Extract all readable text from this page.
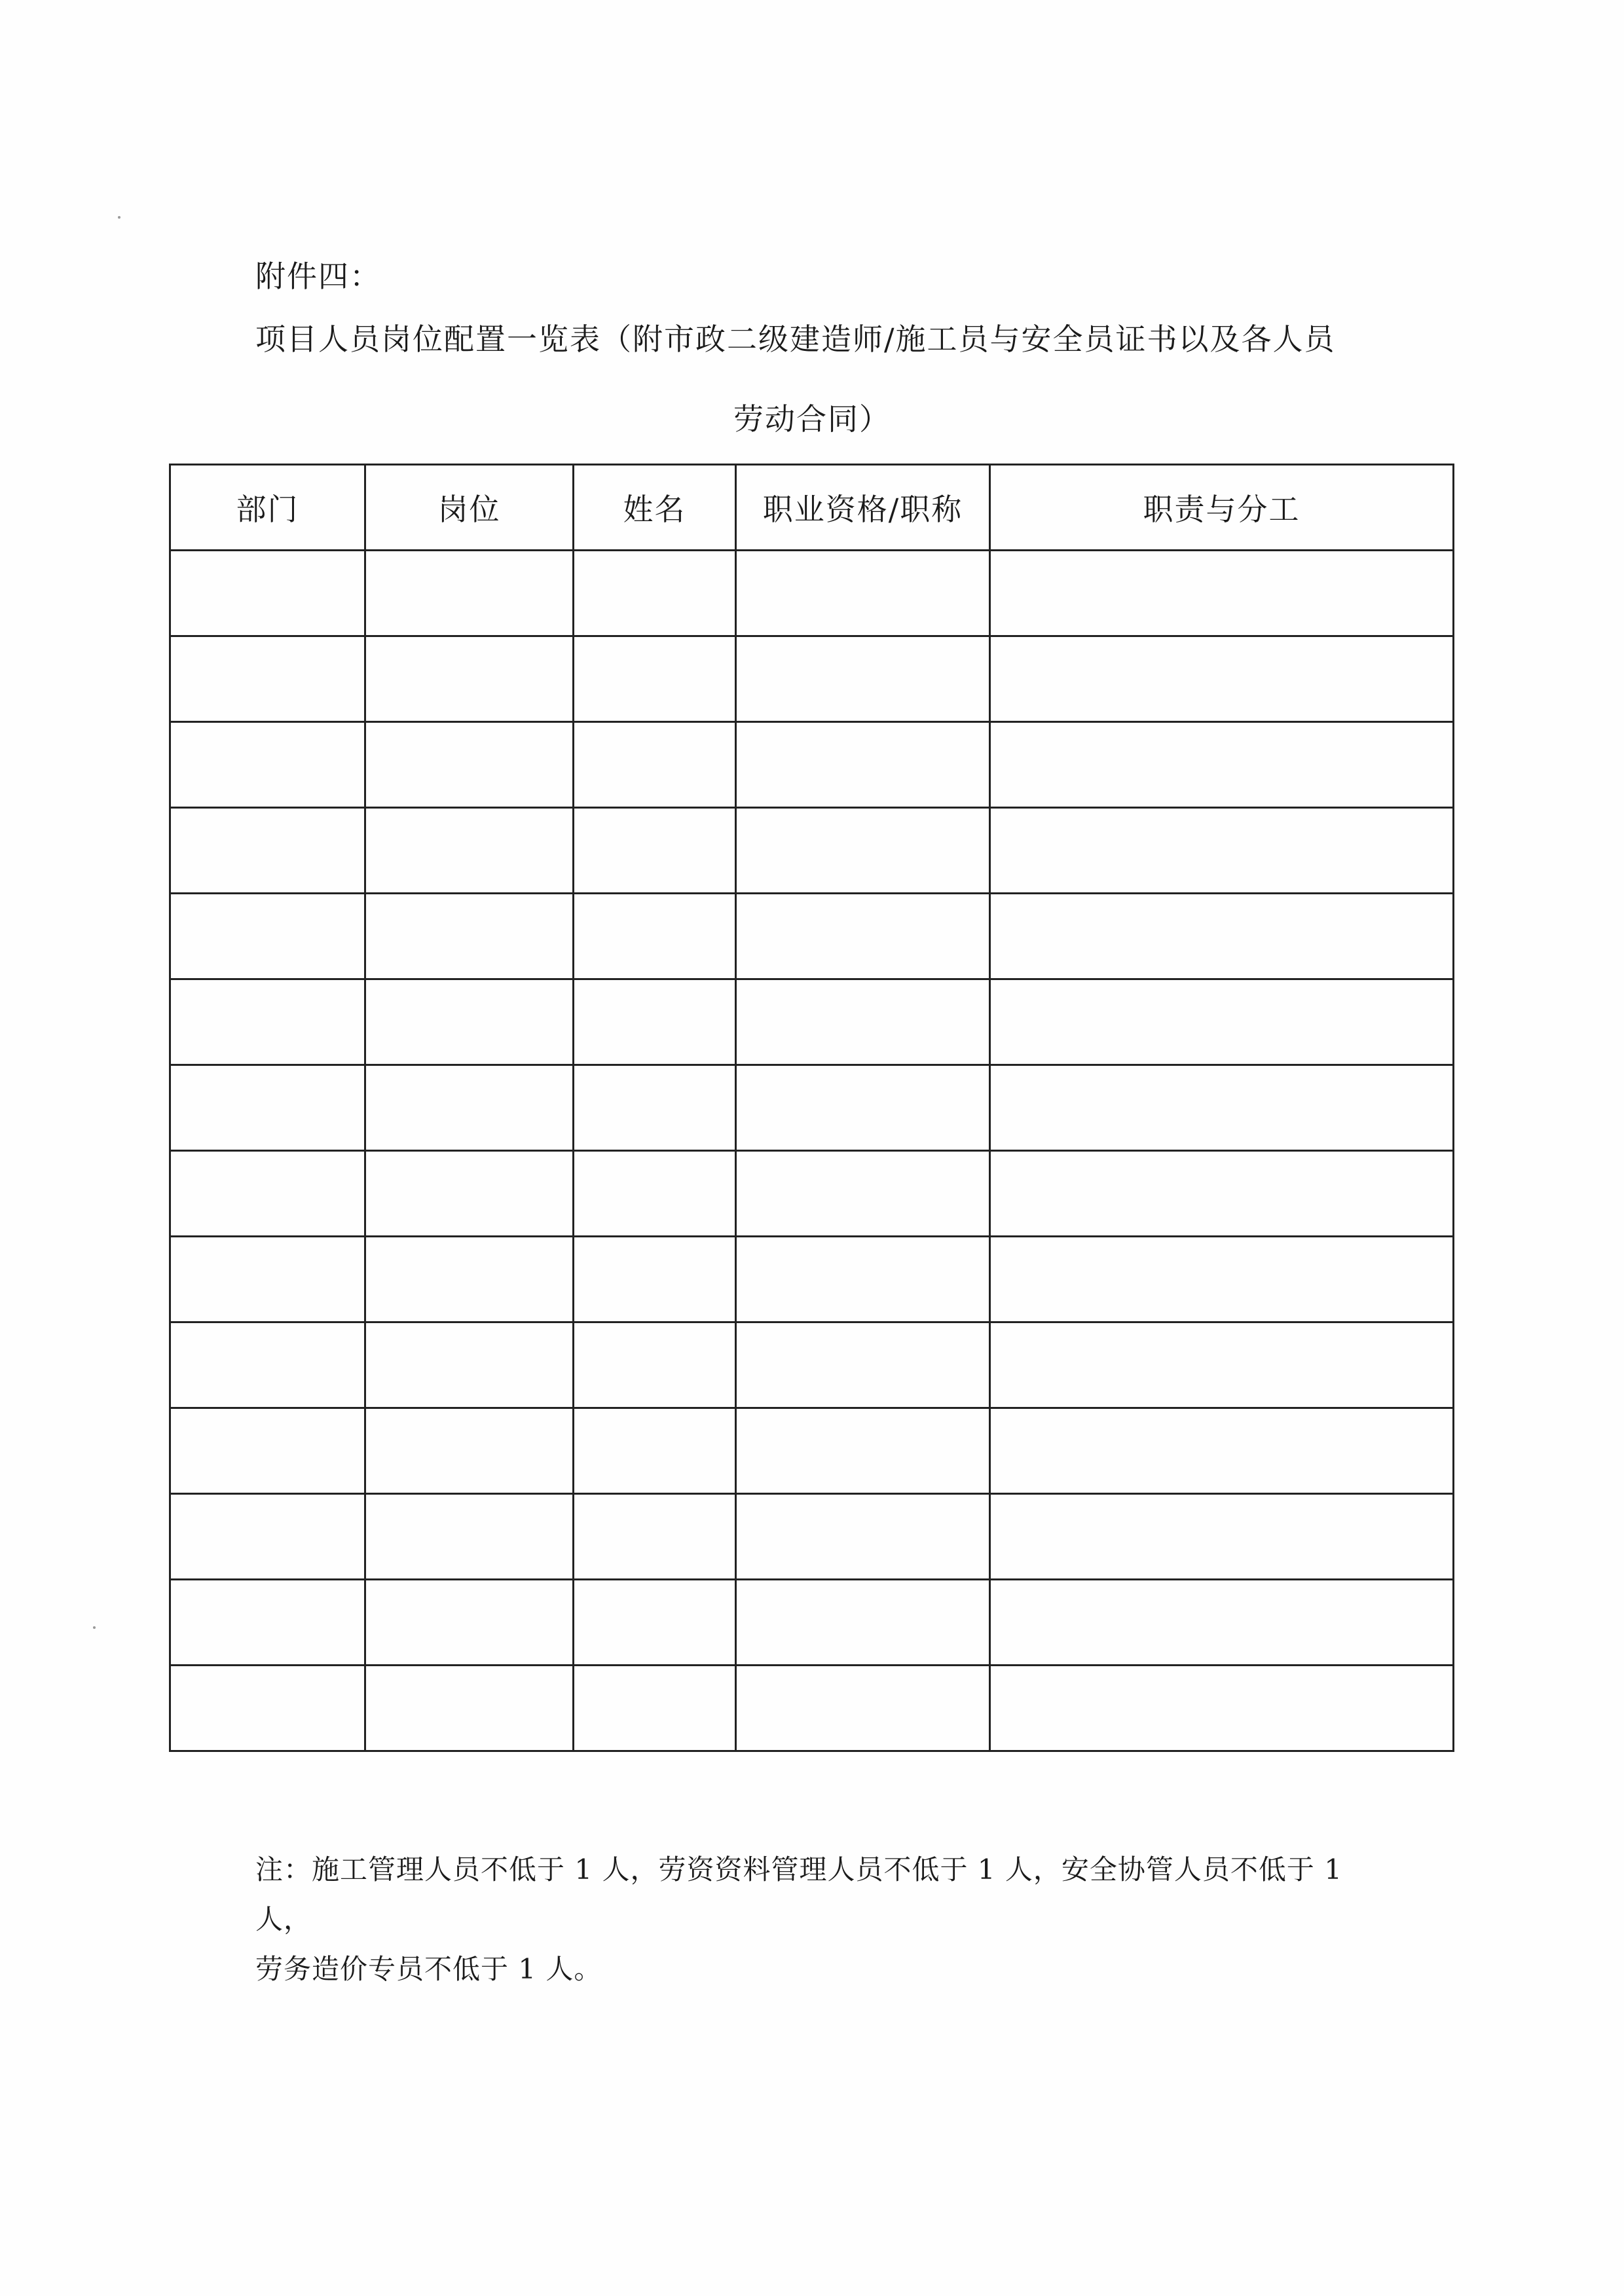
附件四：
项目人员岗位配置一览表（附市政二级建造师/施工员与安全员证书以及各人员
劳动合同）
部门	岗位	姓名	职业资格/职称	职责与分工

注：施工管理人员不低于 1 人，劳资资料管理人员不低于 1 人，安全协管人员不低于 1 人，
劳务造价专员不低于 1 人。
